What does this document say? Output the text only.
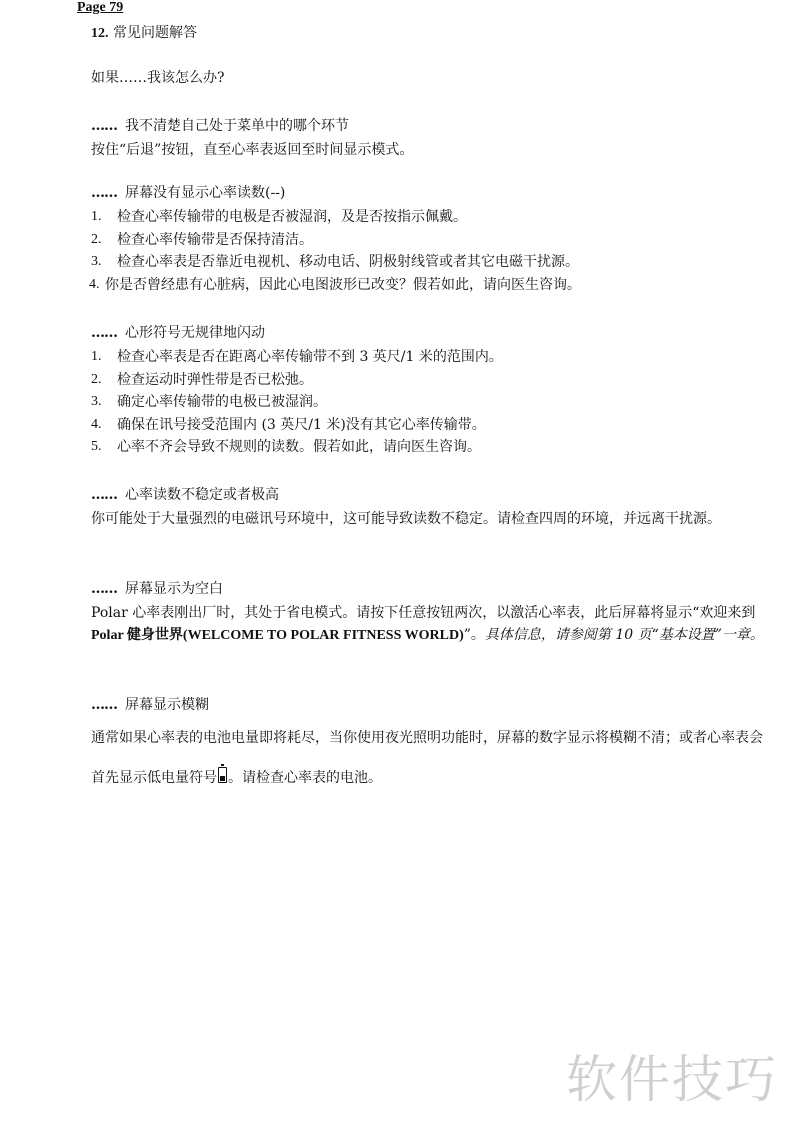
Page 79
12. 常见问题解答
如果……我该怎么办?
…… 我不清楚自己处于菜单中的哪个环节
按住“后退”按钮，直至心率表返回至时间显示模式。
…… 屏幕没有显示心率读数(--)
1. 检查心率传输带的电极是否被湿润，及是否按指示佩戴。
2. 检查心率传输带是否保持清洁。
3. 检查心率表是否靠近电视机、移动电话、阴极射线管或者其它电磁干扰源。
4. 你是否曾经患有心脏病，因此心电图波形已改变？假若如此，请向医生咨询。
…… 心形符号无规律地闪动
1. 检查心率表是否在距离心率传输带不到 3 英尺/1 米的范围内。
2. 检查运动时弹性带是否已松弛。
3. 确定心率传输带的电极已被湿润。
4. 确保在讯号接受范围内 (3 英尺/1 米)没有其它心率传输带。
5. 心率不齐会导致不规则的读数。假若如此，请向医生咨询。
…… 心率读数不稳定或者极高
你可能处于大量强烈的电磁讯号环境中，这可能导致读数不稳定。请检查四周的环境，并远离干扰源。
…… 屏幕显示为空白
Polar 心率表刚出厂时，其处于省电模式。请按下任意按钮两次，以激活心率表，此后屏幕将显示“欢迎来到Polar 健身世界(WELCOME TO POLAR FITNESS WORLD)”。具体信息，请参阅第 10 页“基本设置”一章。
…… 屏幕显示模糊
通常如果心率表的电池电量即将耗尽，当你使用夜光照明功能时，屏幕的数字显示将模糊不清；或者心率表会首先显示低电量符号 。请检查心率表的电池。
软件技巧
